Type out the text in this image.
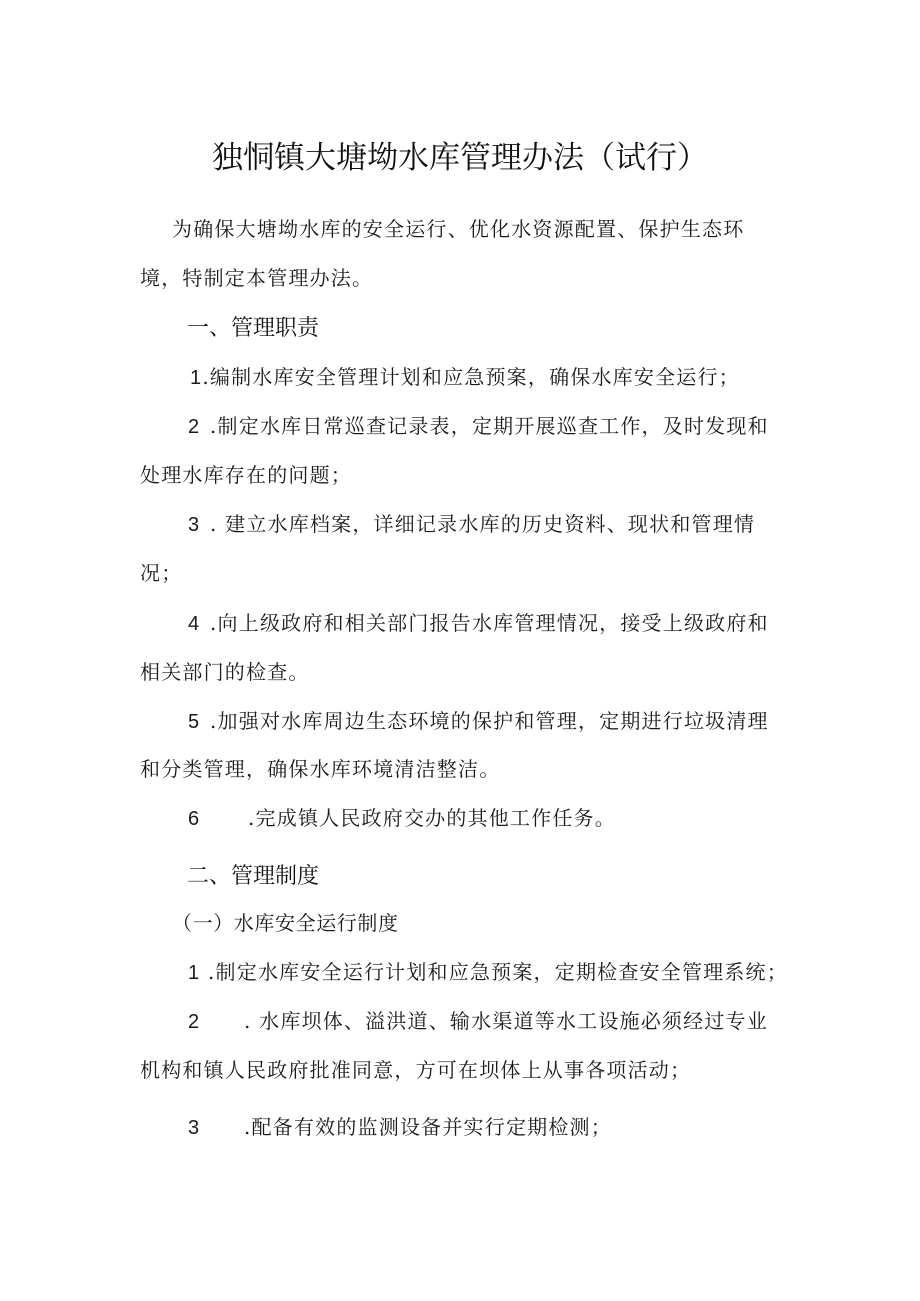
独恫镇大塘坳水库管理办法（试行）
为确保大塘坳水库的安全运行、优化水资源配置、保护生态环
境，特制定本管理办法。
一、管理职责
1.编制水库安全管理计划和应急预案，确保水库安全运行；
2 .制定水库日常巡查记录表，定期开展巡查工作，及时发现和
处理水库存在的问题；
3 . 建立水库档案，详细记录水库的历史资料、现状和管理情
况；
4 .向上级政府和相关部门报告水库管理情况，接受上级政府和
相关部门的检查。
5 .加强对水库周边生态环境的保护和管理，定期进行垃圾清理
和分类管理，确保水库环境清洁整洁。
6 .完成镇人民政府交办的其他工作任务。
二、管理制度
（一）水库安全运行制度
1 .制定水库安全运行计划和应急预案，定期检查安全管理系统；
2 . 水库坝体、溢洪道、输水渠道等水工设施必须经过专业
机构和镇人民政府批准同意，方可在坝体上从事各项活动；
3 .配备有效的监测设备并实行定期检测；
